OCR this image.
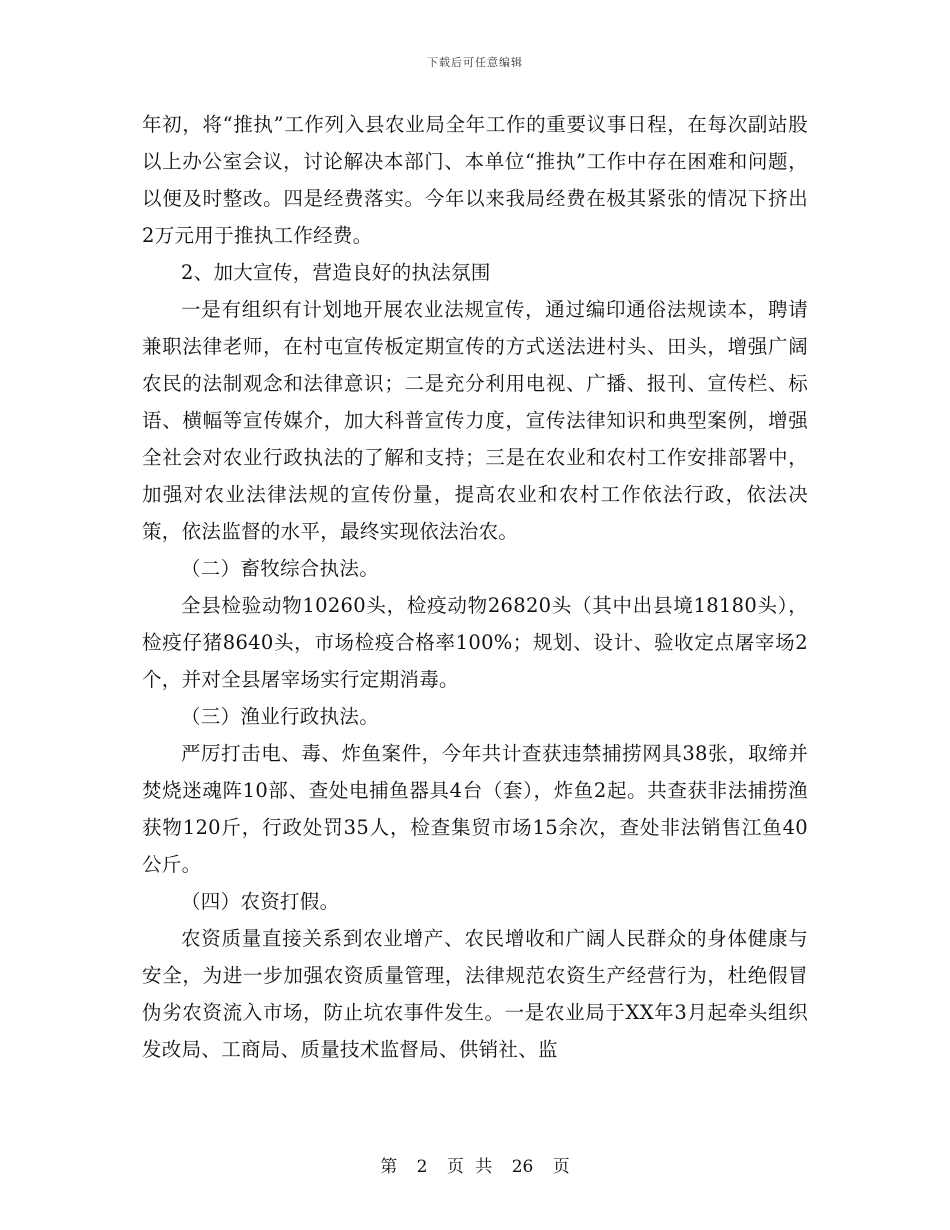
下载后可任意编辑

年初，将“推执”工作列入县农业局全年工作的重要议事日程，在每次副站股以上办公室会议，讨论解决本部门、本单位“推执”工作中存在困难和问题，以便及时整改。四是经费落实。今年以来我局经费在极其紧张的情况下挤出2万元用于推执工作经费。

2、加大宣传，营造良好的执法氛围

一是有组织有计划地开展农业法规宣传，通过编印通俗法规读本，聘请兼职法律老师，在村屯宣传板定期宣传的方式送法进村头、田头，增强广阔农民的法制观念和法律意识；二是充分利用电视、广播、报刊、宣传栏、标语、横幅等宣传媒介，加大科普宣传力度，宣传法律知识和典型案例，增强全社会对农业行政执法的了解和支持；三是在农业和农村工作安排部署中，加强对农业法律法规的宣传份量，提高农业和农村工作依法行政，依法决策，依法监督的水平，最终实现依法治农。

（二）畜牧综合执法。

全县检验动物10260头，检疫动物26820头（其中出县境18180头），检疫仔猪8640头，市场检疫合格率100%；规划、设计、验收定点屠宰场2个，并对全县屠宰场实行定期消毒。

（三）渔业行政执法。

严厉打击电、毒、炸鱼案件，今年共计查获违禁捕捞网具38张，取缔并焚烧迷魂阵10部、查处电捕鱼器具4台（套），炸鱼2起。共查获非法捕捞渔获物120斤，行政处罚35人，检查集贸市场15余次，查处非法销售江鱼40公斤。

（四）农资打假。

农资质量直接关系到农业增产、农民增收和广阔人民群众的身体健康与安全，为进一步加强农资质量管理，法律规范农资生产经营行为，杜绝假冒伪劣农资流入市场，防止坑农事件发生。一是农业局于XX年3月起牵头组织发改局、工商局、质量技术监督局、供销社、监

第 2 页 共 26 页
